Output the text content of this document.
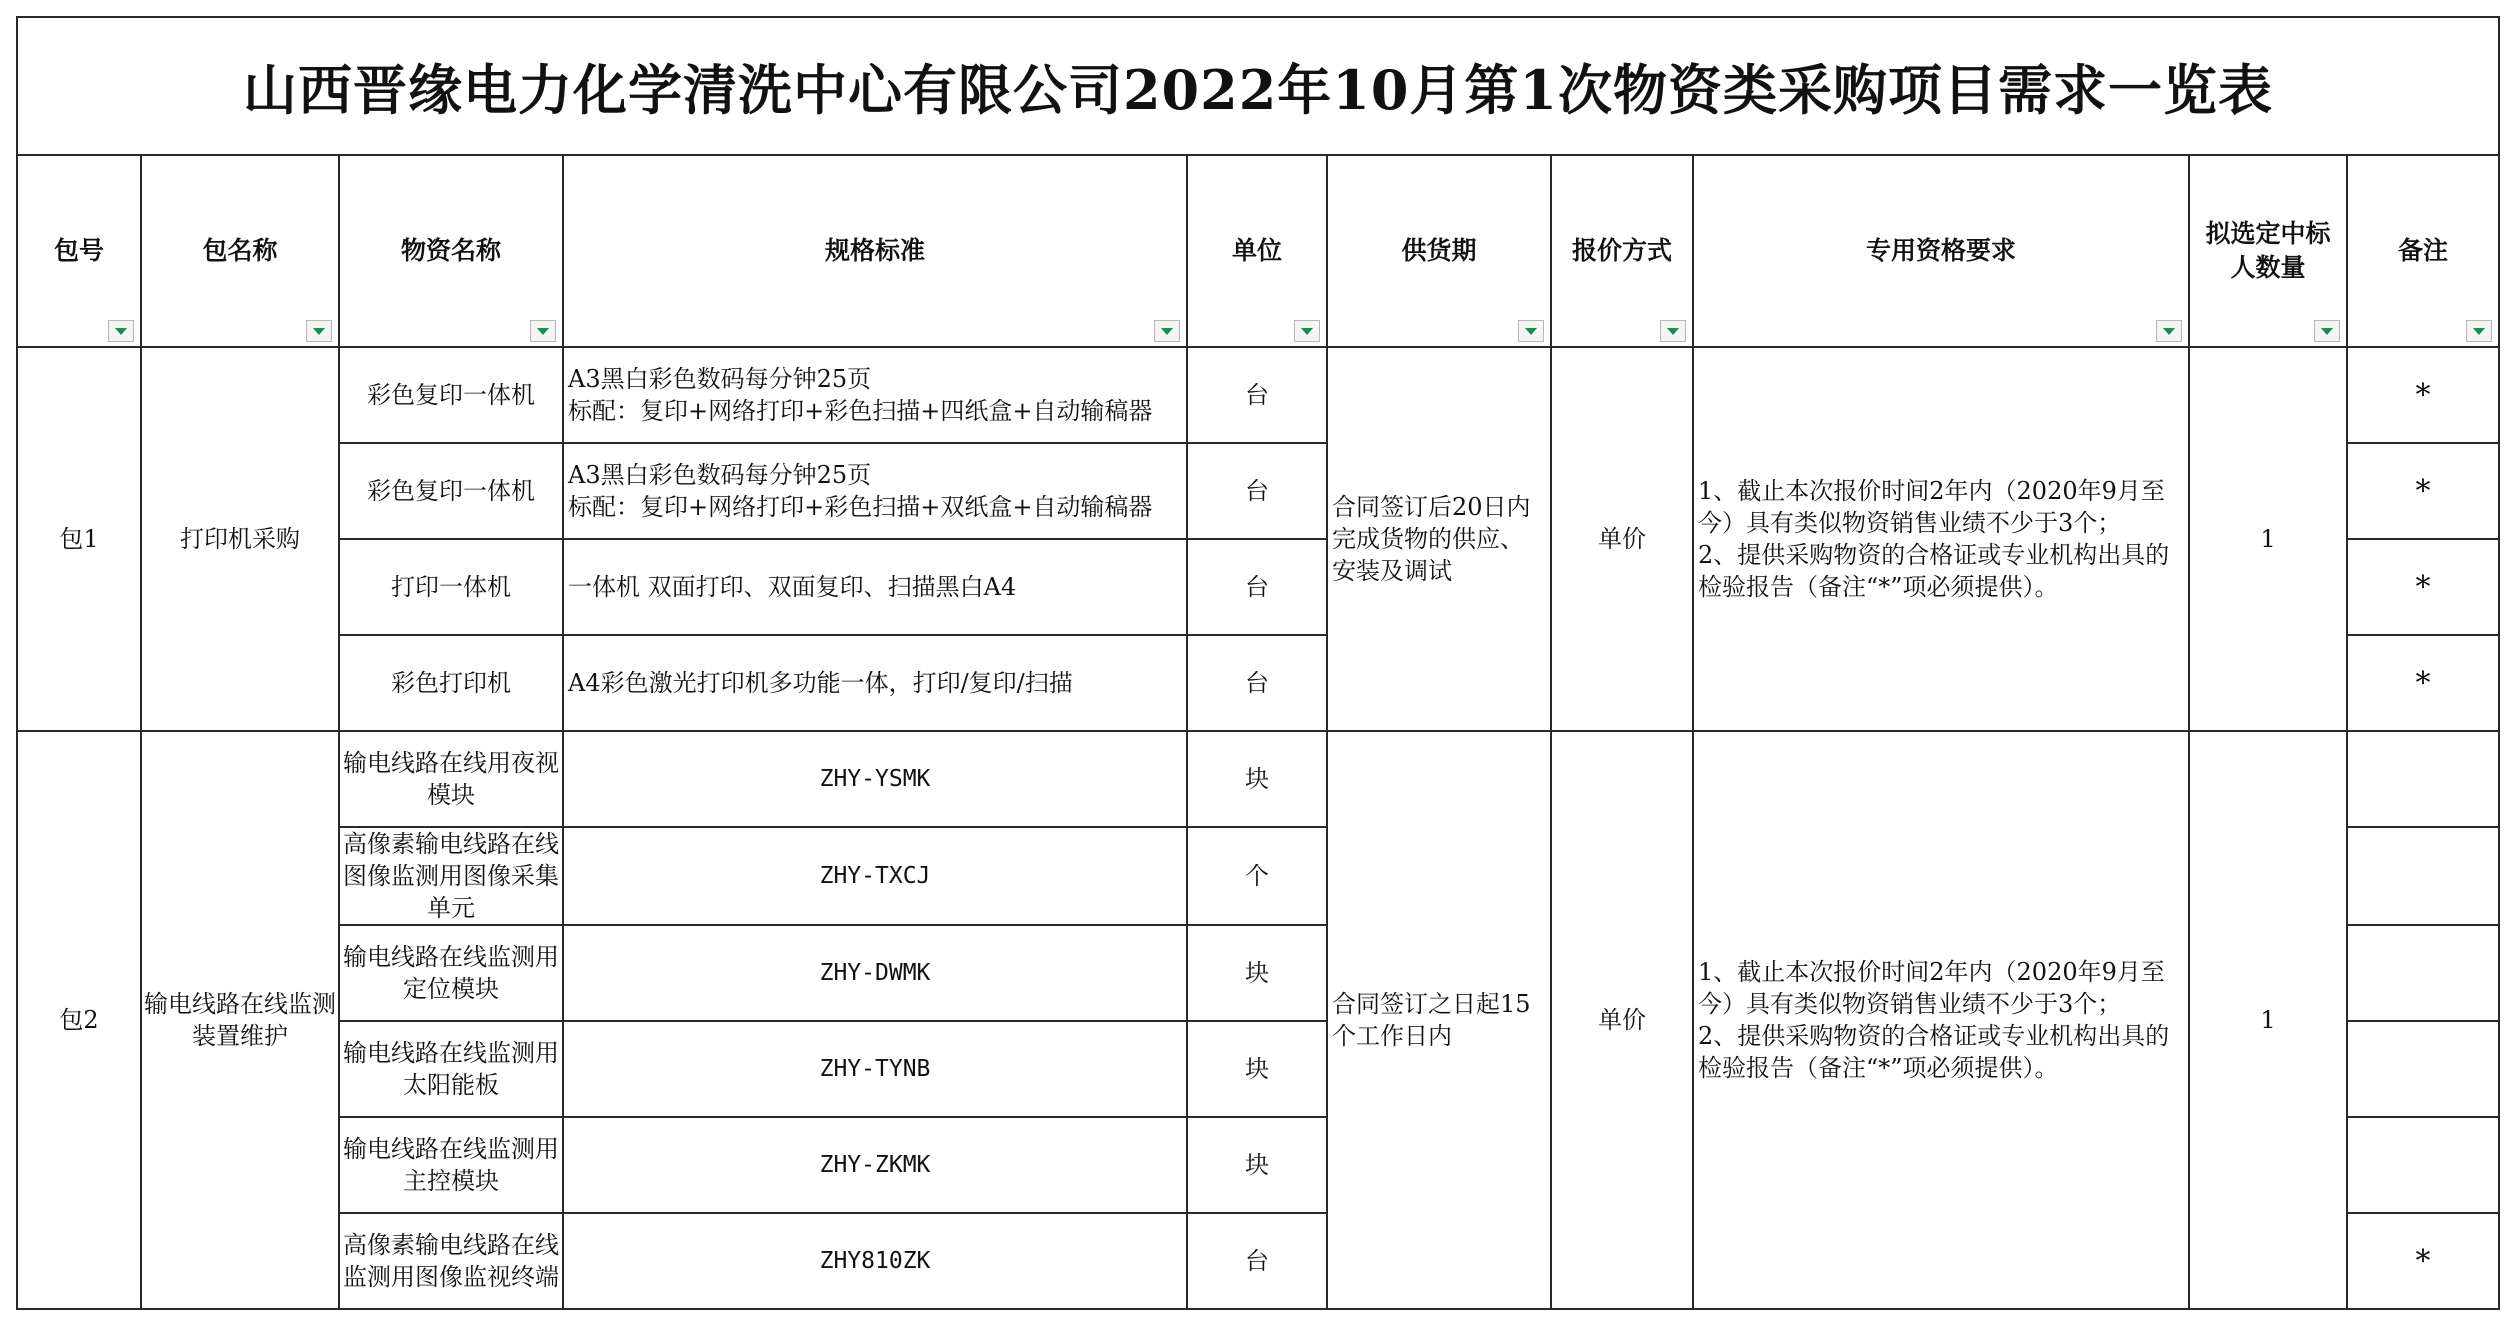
山西晋缘电力化学清洗中心有限公司2022年10月第1次物资类采购项目需求一览表									
包号	包名称	物资名称	规格标准	单位	供货期	报价方式	专用资格要求	拟选定中标
人数量	备注

包1	打印机采购	彩色复印一体机	A3黑白彩色数码每分钟25页
标配：复印+网络打印+彩色扫描+四纸盒+自动输稿器	台	合同签订后20日内完成货物的供应、安装及调试	单价	1、截止本次报价时间2年内（2020年9月至今）具有类似物资销售业绩不少于3个；
2、提供采购物资的合格证或专业机构出具的检验报告（备注“*”项必须提供）。	1	*
		彩色复印一体机	A3黑白彩色数码每分钟25页
标配：复印+网络打印+彩色扫描+双纸盒+自动输稿器	台					*
		打印一体机	一体机 双面打印、双面复印、扫描黑白A4	台					*
		彩色打印机	A4彩色激光打印机多功能一体，打印/复印/扫描	台					*
包2	输电线路在线监测装置维护	输电线路在线用夜视模块	ZHY-YSMK	块	合同签订之日起15个工作日内	单价	1、截止本次报价时间2年内（2020年9月至今）具有类似物资销售业绩不少于3个；
2、提供采购物资的合格证或专业机构出具的检验报告（备注“*”项必须提供）。	1	
		高像素输电线路在线图像监测用图像采集单元	ZHY-TXCJ	个					
		输电线路在线监测用定位模块	ZHY-DWMK	块					
		输电线路在线监测用太阳能板	ZHY-TYNB	块					
		输电线路在线监测用主控模块	ZHY-ZKMK	块					
		高像素输电线路在线监测用图像监视终端	ZHY810ZK	台					*
